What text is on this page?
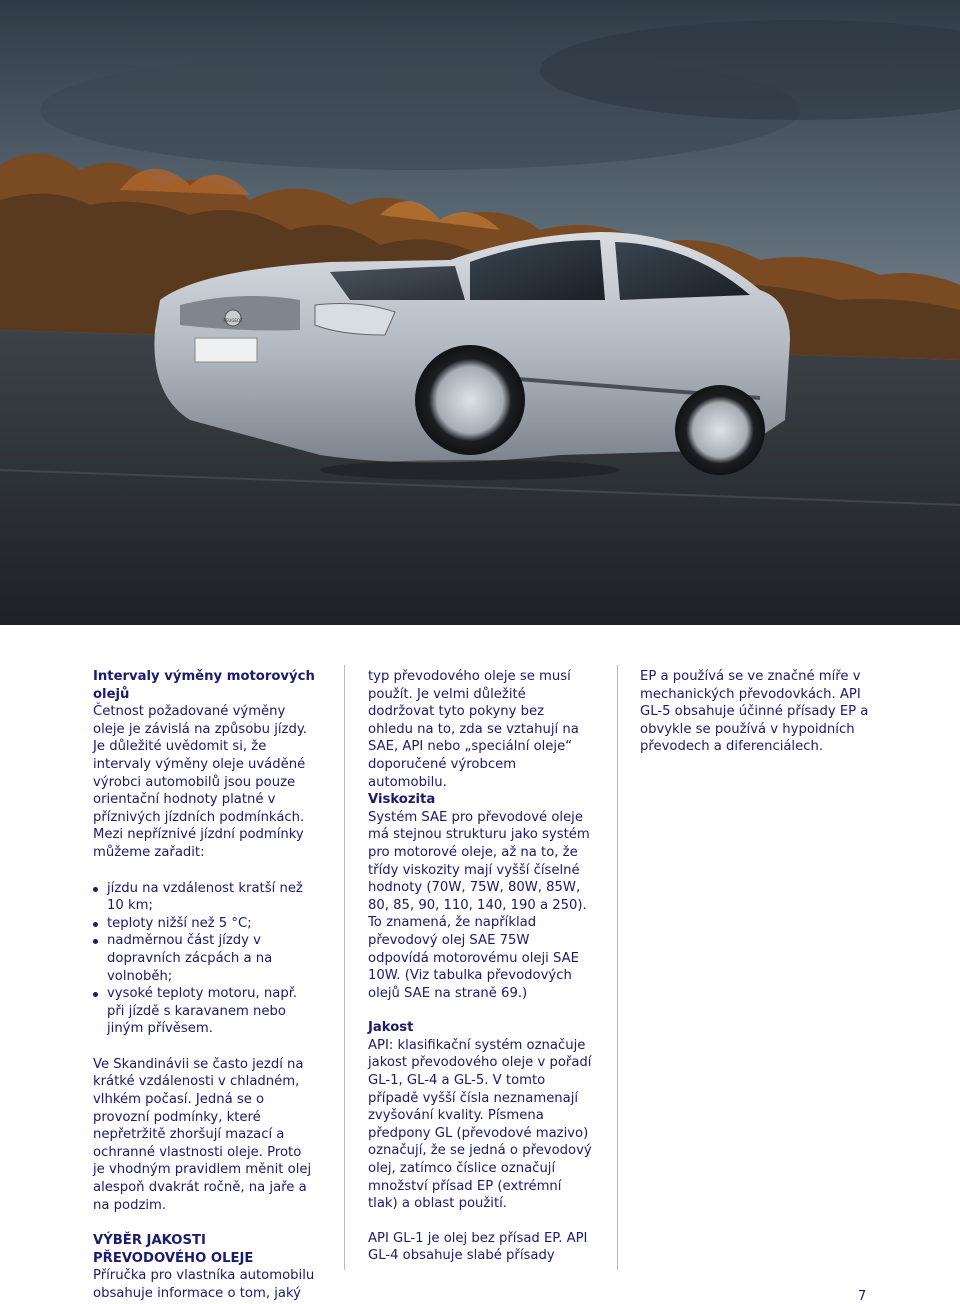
PEUGEOT

Intervaly výměny motorových olejů

Četnost požadované výměny oleje je závislá na způsobu jízdy. Je důležité uvědomit si, že intervaly výměny oleje uváděné výrobci automobilů jsou pouze orientační hodnoty platné v příznivých jízdních podmínkách. Mezi nepříznivé jízdní podmínky můžeme zařadit:

jízdu na vzdálenost kratší než 10 km;
teploty nižší než 5 °C;
nadměrnou část jízdy v dopravních zácpách a na volnoběh;
vysoké teploty motoru, např. při jízdě s karavanem nebo jiným přívěsem.

Ve Skandinávii se často jezdí na krátké vzdálenosti v chladném, vlhkém počasí. Jedná se o provozní podmínky, které nepřetržitě zhoršují mazací a ochranné vlastnosti oleje. Proto je vhodným pravidlem měnit olej alespoň dvakrát ročně, na jaře a na podzim.

VÝBĚR JAKOSTI PŘEVODOVÉHO OLEJE

Příručka pro vlastníka automobilu obsahuje informace o tom, jaký

typ převodového oleje se musí použít. Je velmi důležité dodržovat tyto pokyny bez ohledu na to, zda se vztahují na SAE, API nebo „speciální oleje“ doporučené výrobcem automobilu.

Viskozita

Systém SAE pro převodové oleje má stejnou strukturu jako systém pro motorové oleje, až na to, že třídy viskozity mají vyšší číselné hodnoty (70W, 75W, 80W, 85W, 80, 85, 90, 110, 140, 190 a 250). To znamená, že například převodový olej SAE 75W odpovídá motorovému oleji SAE 10W. (Viz tabulka převodových olejů SAE na straně 69.)

Jakost

API: klasifikační systém označuje jakost převodového oleje v pořadí GL-1, GL-4 a GL-5. V tomto případě vyšší čísla neznamenají zvyšování kvality. Písmena předpony GL (převodové mazivo) označují, že se jedná o převodový olej, zatímco číslice označují množství přísad EP (extrémní tlak) a oblast použití.

API GL-1 je olej bez přísad EP. API GL-4 obsahuje slabé přísady

EP a používá se ve značné míře v mechanických převodovkách. API GL-5 obsahuje účinné přísady EP a obvykle se používá v hypoidních převodech a diferenciálech.

7
